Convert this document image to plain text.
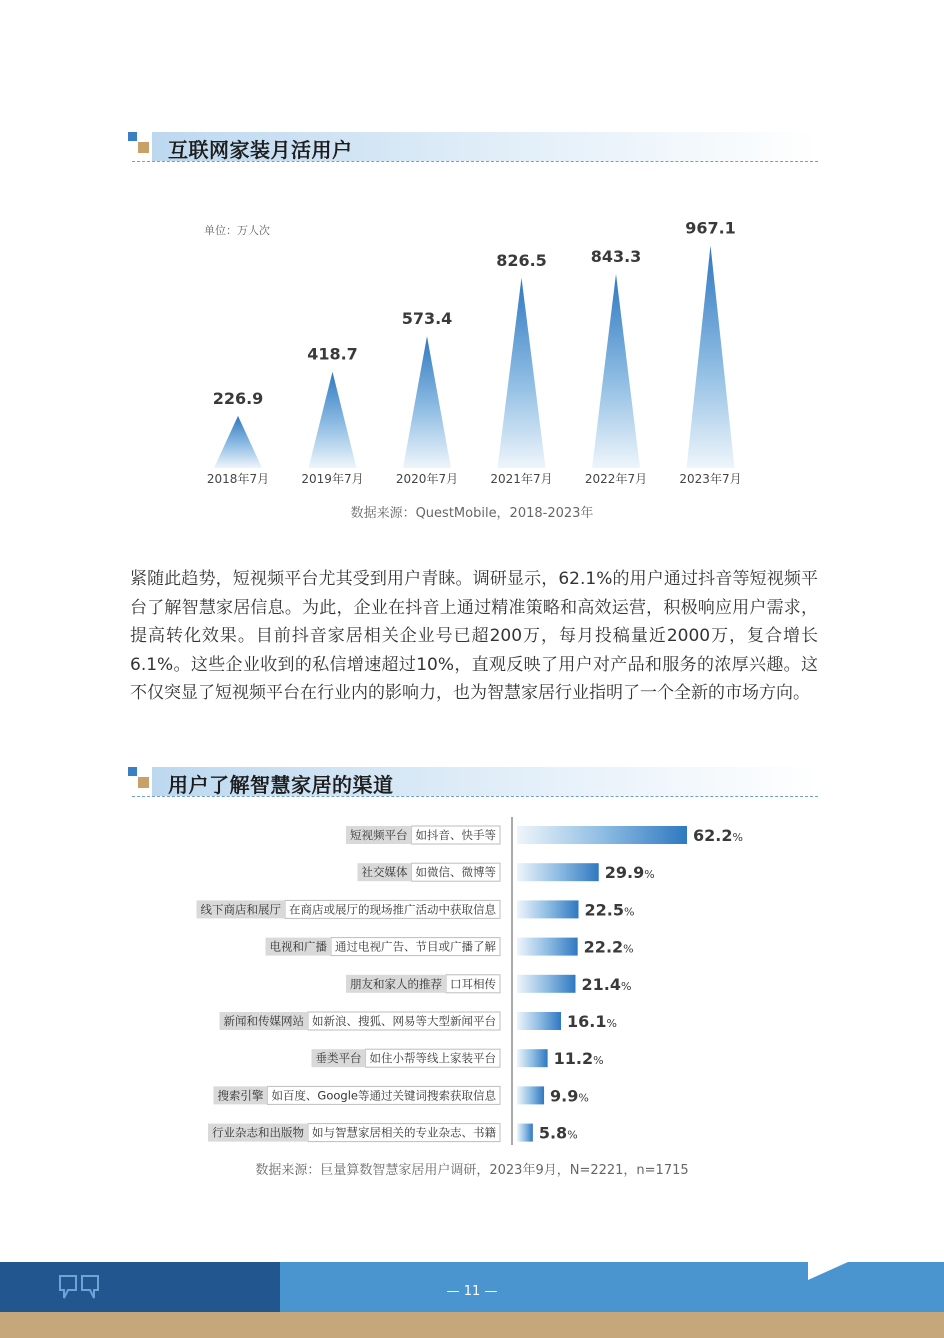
互联网家装月活用户
单位：万人次
226.9
2018年7月
418.7
2019年7月
573.4
2020年7月
826.5
2021年7月
843.3
2022年7月
967.1
2023年7月
数据来源：QuestMobile，2018-2023年
紧随此趋势，短视频平台尤其受到用户青睐。调研显示，62.1%的用户通过抖音等短视频平台了解智慧家居信息。为此，企业在抖音上通过精准策略和高效运营，积极响应用户需求，提高转化效果。目前抖音家居相关企业号已超200万，每月投稿量近2000万，复合增长6.1%。这些企业收到的私信增速超过10%，直观反映了用户对产品和服务的浓厚兴趣。这不仅突显了短视频平台在行业内的影响力，也为智慧家居行业指明了一个全新的市场方向。
用户了解智慧家居的渠道
如抖音、快手等
短视频平台	62.2%
如微信、微博等
社交媒体	29.9%
在商店或展厅的现场推广活动中获取信息
线下商店和展厅	22.5%
通过电视广告、节目或广播了解
电视和广播	22.2%
口耳相传
朋友和家人的推荐	21.4%
如新浪、搜狐、网易等大型新闻平台
新闻和传媒网站	16.1%
如住小帮等线上家装平台
垂类平台	11.2%
如百度、Google等通过关键词搜索获取信息
搜索引擎	9.9%
如与智慧家居相关的专业杂志、书籍
行业杂志和出版物	5.8%
数据来源：巨量算数智慧家居用户调研，2023年9月，N=2221，n=1715
— 11 —
